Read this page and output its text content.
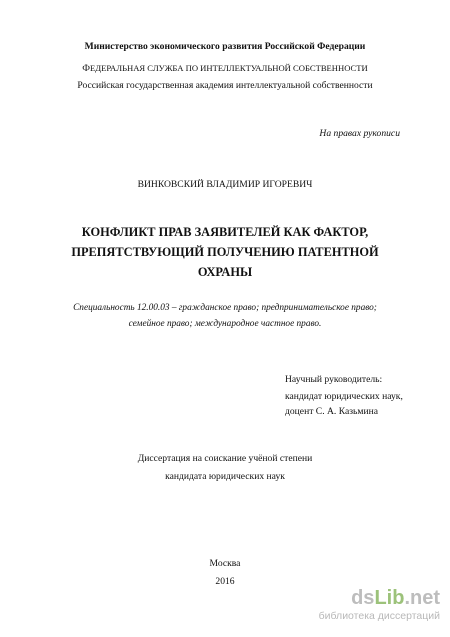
Министерство экономического развития Российской Федерации
ФЕДЕРАЛЬНАЯ СЛУЖБА ПО ИНТЕЛЛЕКТУАЛЬНОЙ СОБСТВЕННОСТИ
Российская государственная академия интеллектуальной собственности
На правах рукописи
ВИНКОВСКИЙ ВЛАДИМИР ИГОРЕВИЧ
КОНФЛИКТ ПРАВ ЗАЯВИТЕЛЕЙ КАК ФАКТОР,
ПРЕПЯТСТВУЮЩИЙ ПОЛУЧЕНИЮ ПАТЕНТНОЙ
ОХРАНЫ
Специальность 12.00.03 – гражданское право; предпринимательское право;
семейное право; международное частное право.
Научный руководитель:
кандидат юридических наук,
доцент С. А. Казьмина
Диссертация на соискание учёной степени
кандидата юридических наук
Москва
2016
dsLib.net
библиотека диссертаций
